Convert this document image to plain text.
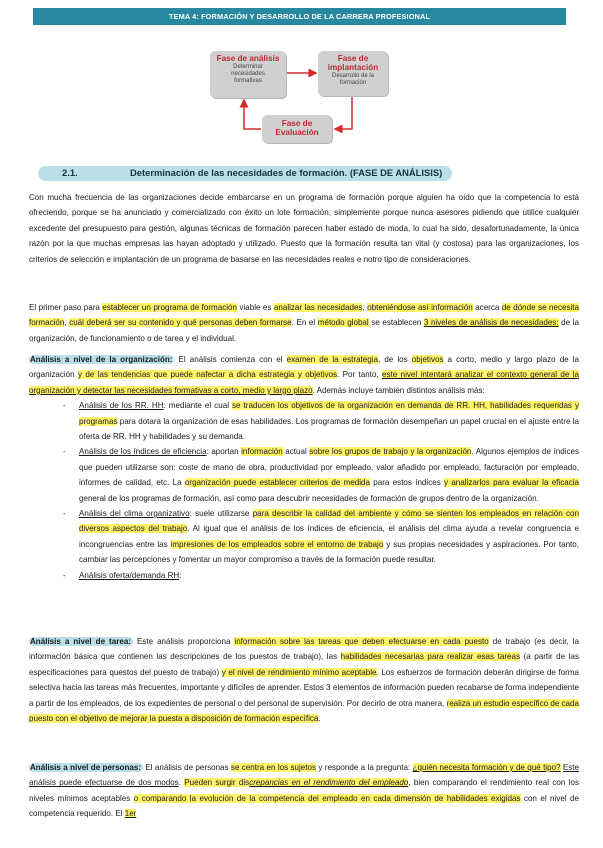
TEMA 4: FORMACIÓN Y DESARROLLO DE LA CARRERA PROFESIONAL
Fase de análisis
Determinar
necesidades
formativas
Fase de
implantación
Desarrollo de la
formación
Fase de
Evaluación
2.1.	Determinación de las necesidades de formación. (FASE DE ANÁLISIS)

Con mucha frecuencia de las organizaciones decide embarcarse en un programa de formación porque alguien ha oído que la competencia lo está ofreciendo, porque se ha anunciado y comercializado con éxito un lote formación, simplemente porque nunca asesores pidiendo que utilice cualquier excedente del presupuesto para gestión, algunas técnicas de formación parecen haber estado de moda, lo cual ha sido, desafortunadamente, la única razón por la que muchas empresas las hayan adoptado y utilizado. Puesto que la formación resulta tan vital (y costosa) para las organizaciones, los criterios de selección e implantación de un programa de basarse en las necesidades reales e notro tipo de consideraciones.

El primer paso para establecer un programa de formación viable es analizar las necesidades, obteniéndose así información acerca de dónde se necesita formación, cuál deberá ser su contenido y qué personas deben formarse. En el método global se establecen 3 niveles de análisis de necesidades: de la organización, de funcionamiento o de tarea y el individual.

Análisis a nivel de la organización: El análisis comienza con el examen de la estrategia, de los objetivos a corto, medio y largo plazo de la organización y de las tendencias que puede nafectar a dicha estrategia y objetivos. Por tanto, este nivel intentará analizar el contexto general de la organización y detectar las necesidades formativas a corto, medio y largo plazo. Además incluye también distintos análisis más:

- Análisis de los RR. HH: mediante el cual se traducen los objetivos de la organización en demanda de RR. HH, habilidades requeridas y programas para dotara la organización de esas habilidades. Los programas de formación desempeñan un papel crucial en el ajuste entre la oferta de RR. HH y habilidades y su demanda.
- Análisis de los índices de eficiencia: aportan información actual sobre los grupos de trabajo y la organización. Algunos ejemplos de índices que pueden utilizarse son: coste de mano de obra, productividad por empleado, valor añadido por empleado, facturación por empleado, informes de calidad, etc. La organización puede establecer criterios de medida para estos índices y analizarlos para evaluar la eficacia general de los programas de formación, así como para descubrir necesidades de formación de grupos dentro de la organización.
- Análisis del clima organizativo: suele utilizarse para describir la calidad del ambiente y cómo se sienten los empleados en relación con diversos aspectos del trabajo. Al igual que el análisis de los índices de eficiencia, el análisis del clima ayuda a revelar congruencia e incongruencias entre las impresiones de los empleados sobre el entorno de trabajo y sus propias necesidades y aspiraciones. Por tanto, cambiar las percepciones y fomentar un mayor compromiso a través de la formación puede resultar.
- Análisis oferta/demanda RH:

Análisis a nivel de tarea: Este análisis proporciona información sobre las tareas que deben efectuarse en cada puesto de trabajo (es decir, la información básica que contienen las descripciones de los puestos de trabajo), las habilidades necesarias para realizar esas tareas (a partir de las especificaciones para questos del puesto de trabajo) y el nivel de rendimiento mínimo aceptable. Los esfuerzos de formación deberán dirigirse de forma selectiva hacia las tareas más frecuentes, importante y difíciles de aprender. Estos 3 elementos de información pueden recabarse de forma independiente a partir de los empleados, de los expedientes de personal o del personal de supervisión. Por decirlo de otra manera, realiza un estudio específico de cada puesto con el objetivo de mejorar la puesta a disposición de formación específica.

Análisis a nivel de personas: El análisis de personas se centra en los sujetos y responde a la pregunta: ¿quién necesita formación y de qué tipo? Este análisis puede efectuarse de dos modos. Pueden surgir discrepancias en el rendimiento del empleado, bien comparando el rendimiento real con los niveles mínimos aceptables o comparando la evolución de la competencia del empleado en cada dimensión de habilidades exigidas con el nivel de competencia requerido. El 1er
